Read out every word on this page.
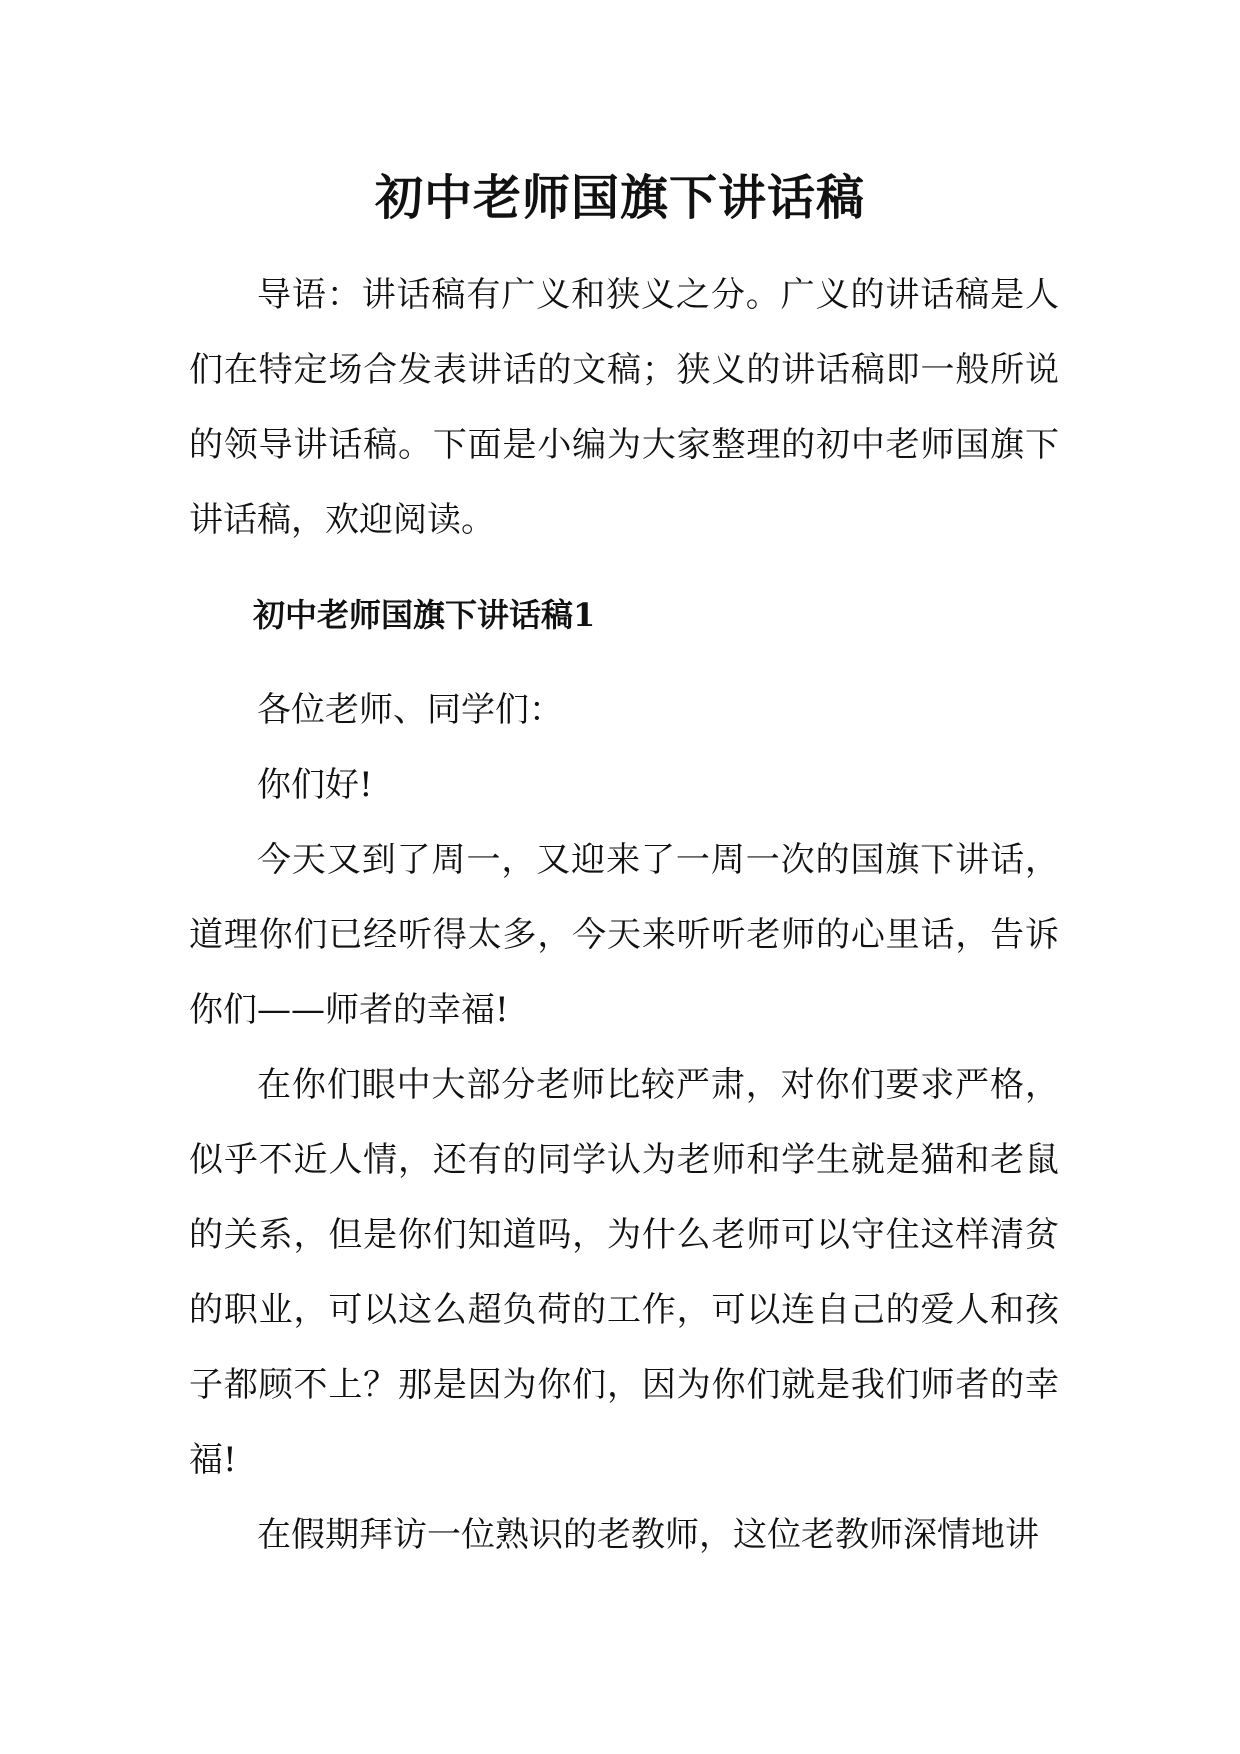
初中老师国旗下讲话稿

导语：讲话稿有广义和狭义之分。广义的讲话稿是人们在特定场合发表讲话的文稿；狭义的讲话稿即一般所说的领导讲话稿。下面是小编为大家整理的初中老师国旗下讲话稿，欢迎阅读。

初中老师国旗下讲话稿1

各位老师、同学们：

你们好!

今天又到了周一，又迎来了一周一次的国旗下讲话，道理你们已经听得太多，今天来听听老师的心里话，告诉你们——师者的幸福!

在你们眼中大部分老师比较严肃，对你们要求严格，似乎不近人情，还有的同学认为老师和学生就是猫和老鼠的关系，但是你们知道吗，为什么老师可以守住这样清贫的职业，可以这么超负荷的工作，可以连自己的爱人和孩子都顾不上？那是因为你们，因为你们就是我们师者的幸福!

在假期拜访一位熟识的老教师，这位老教师深情地讲
